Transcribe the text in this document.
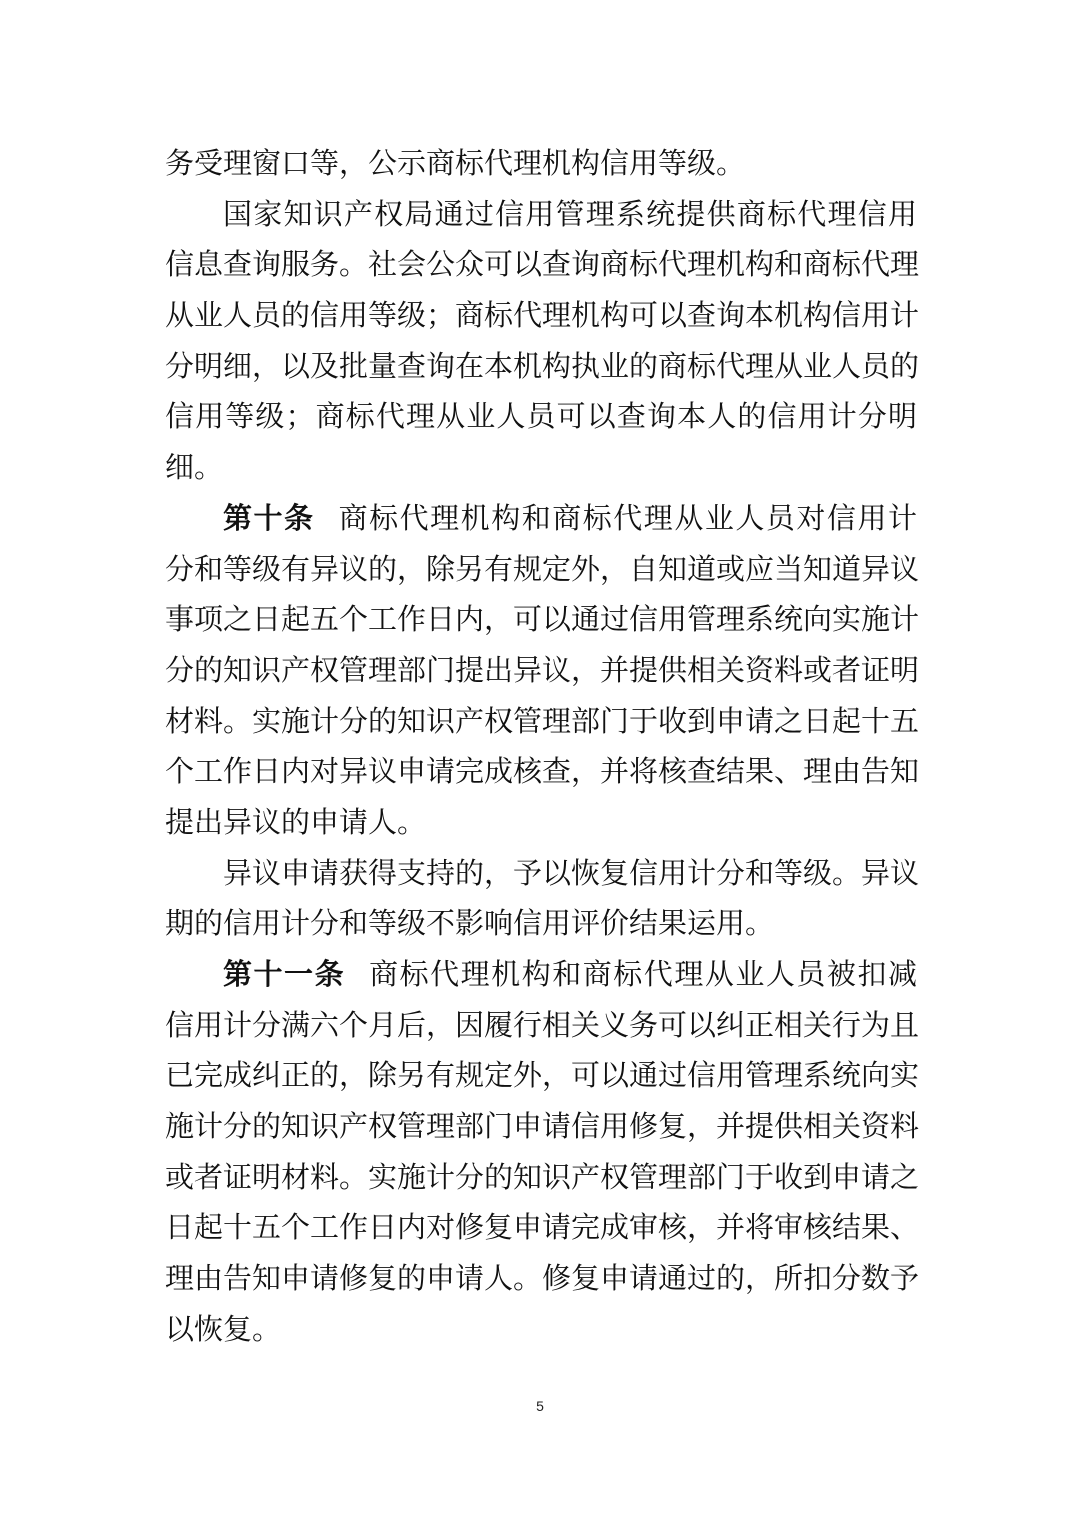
务受理窗口等，公示商标代理机构信用等级。
国家知识产权局通过信用管理系统提供商标代理信用
信息查询服务。社会公众可以查询商标代理机构和商标代理
从业人员的信用等级；商标代理机构可以查询本机构信用计
分明细，以及批量查询在本机构执业的商标代理从业人员的
信用等级；商标代理从业人员可以查询本人的信用计分明
细。
第十条 商标代理机构和商标代理从业人员对信用计
分和等级有异议的，除另有规定外，自知道或应当知道异议
事项之日起五个工作日内，可以通过信用管理系统向实施计
分的知识产权管理部门提出异议，并提供相关资料或者证明
材料。实施计分的知识产权管理部门于收到申请之日起十五
个工作日内对异议申请完成核查，并将核查结果、理由告知
提出异议的申请人。
异议申请获得支持的，予以恢复信用计分和等级。异议
期的信用计分和等级不影响信用评价结果运用。
第十一条 商标代理机构和商标代理从业人员被扣减
信用计分满六个月后，因履行相关义务可以纠正相关行为且
已完成纠正的，除另有规定外，可以通过信用管理系统向实
施计分的知识产权管理部门申请信用修复，并提供相关资料
或者证明材料。实施计分的知识产权管理部门于收到申请之
日起十五个工作日内对修复申请完成审核，并将审核结果、
理由告知申请修复的申请人。修复申请通过的，所扣分数予
以恢复。
5
